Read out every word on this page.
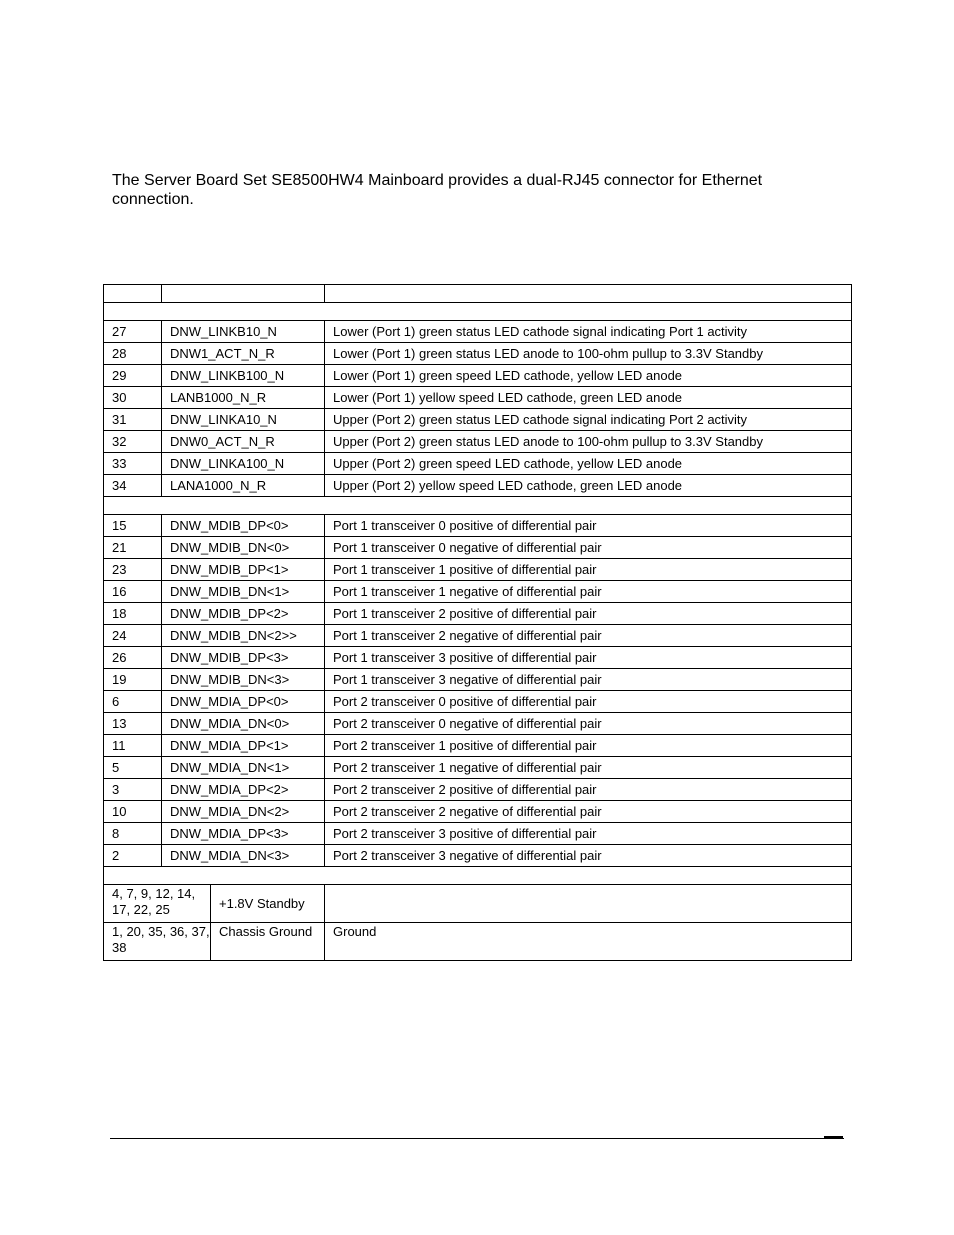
The Server Board Set SE8500HW4 Mainboard provides a dual-RJ45 connector for Ethernet
connection.

27	DNW_LINKB10_N		Lower (Port 1) green status LED cathode signal indicating Port 1 activity
28	DNW1_ACT_N_R		Lower (Port 1) green status LED anode to 100-ohm pullup to 3.3V Standby
29	DNW_LINKB100_N		Lower (Port 1) green speed LED cathode, yellow LED anode
30	LANB1000_N_R		Lower (Port 1) yellow speed LED cathode, green LED anode
31	DNW_LINKA10_N		Upper (Port 2) green status LED cathode signal indicating Port 2 activity
32	DNW0_ACT_N_R		Upper (Port 2) green status LED anode to 100-ohm pullup to 3.3V Standby
33	DNW_LINKA100_N		Upper (Port 2) green speed LED cathode, yellow LED anode
34	LANA1000_N_R		Upper (Port 2) yellow speed LED cathode, green LED anode

15	DNW_MDIB_DP<0>		Port 1 transceiver 0 positive of differential pair
21	DNW_MDIB_DN<0>		Port 1 transceiver 0 negative of differential pair
23	DNW_MDIB_DP<1>		Port 1 transceiver 1 positive of differential pair
16	DNW_MDIB_DN<1>		Port 1 transceiver 1 negative of differential pair
18	DNW_MDIB_DP<2>		Port 1 transceiver 2 positive of differential pair
24	DNW_MDIB_DN<2>>		Port 1 transceiver 2 negative of differential pair
26	DNW_MDIB_DP<3>		Port 1 transceiver 3 positive of differential pair
19	DNW_MDIB_DN<3>		Port 1 transceiver 3 negative of differential pair
6	DNW_MDIA_DP<0>		Port 2 transceiver 0 positive of differential pair
13	DNW_MDIA_DN<0>		Port 2 transceiver 0 negative of differential pair
11	DNW_MDIA_DP<1>		Port 2 transceiver 1 positive of differential pair
5	DNW_MDIA_DN<1>		Port 2 transceiver 1 negative of differential pair
3	DNW_MDIA_DP<2>		Port 2 transceiver 2 positive of differential pair
10	DNW_MDIA_DN<2>		Port 2 transceiver 2 negative of differential pair
8	DNW_MDIA_DP<3>		Port 2 transceiver 3 positive of differential pair
2	DNW_MDIA_DN<3>		Port 2 transceiver 3 negative of differential pair

4, 7, 9, 12, 14, 17, 22, 25		+1.8V Standby	
1, 20, 35, 36, 37, 38		Chassis Ground	Ground
